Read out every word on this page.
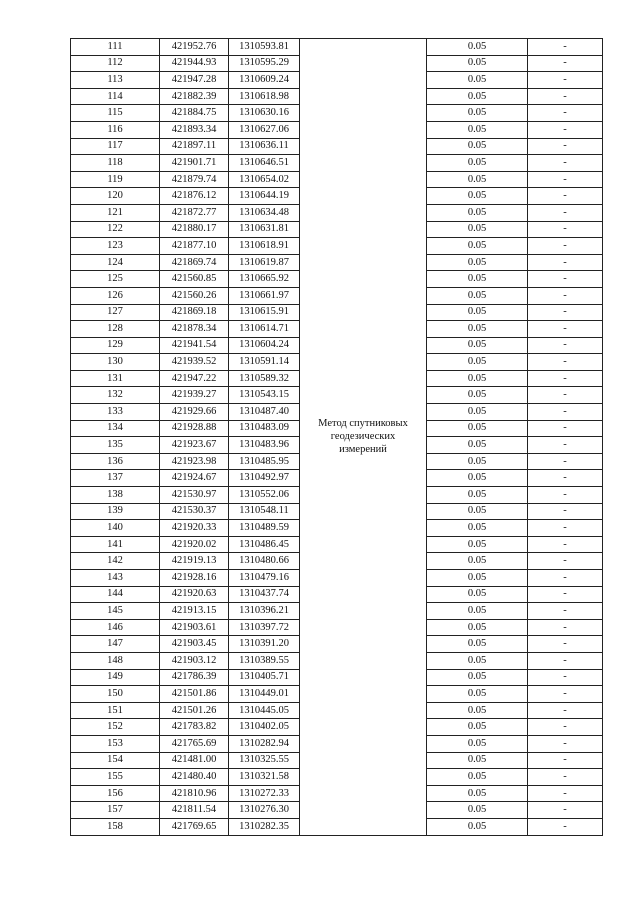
111	421952.76	1310593.81	Метод спутниковых геодезических измерений	0.05	-
112	421944.93	1310595.29		0.05	-
113	421947.28	1310609.24		0.05	-
114	421882.39	1310618.98		0.05	-
115	421884.75	1310630.16		0.05	-
116	421893.34	1310627.06		0.05	-
117	421897.11	1310636.11		0.05	-
118	421901.71	1310646.51		0.05	-
119	421879.74	1310654.02		0.05	-
120	421876.12	1310644.19		0.05	-
121	421872.77	1310634.48		0.05	-
122	421880.17	1310631.81		0.05	-
123	421877.10	1310618.91		0.05	-
124	421869.74	1310619.87		0.05	-
125	421560.85	1310665.92		0.05	-
126	421560.26	1310661.97		0.05	-
127	421869.18	1310615.91		0.05	-
128	421878.34	1310614.71		0.05	-
129	421941.54	1310604.24		0.05	-
130	421939.52	1310591.14		0.05	-
131	421947.22	1310589.32		0.05	-
132	421939.27	1310543.15		0.05	-
133	421929.66	1310487.40		0.05	-
134	421928.88	1310483.09		0.05	-
135	421923.67	1310483.96		0.05	-
136	421923.98	1310485.95		0.05	-
137	421924.67	1310492.97		0.05	-
138	421530.97	1310552.06		0.05	-
139	421530.37	1310548.11		0.05	-
140	421920.33	1310489.59		0.05	-
141	421920.02	1310486.45		0.05	-
142	421919.13	1310480.66		0.05	-
143	421928.16	1310479.16		0.05	-
144	421920.63	1310437.74		0.05	-
145	421913.15	1310396.21		0.05	-
146	421903.61	1310397.72		0.05	-
147	421903.45	1310391.20		0.05	-
148	421903.12	1310389.55		0.05	-
149	421786.39	1310405.71		0.05	-
150	421501.86	1310449.01		0.05	-
151	421501.26	1310445.05		0.05	-
152	421783.82	1310402.05		0.05	-
153	421765.69	1310282.94		0.05	-
154	421481.00	1310325.55		0.05	-
155	421480.40	1310321.58		0.05	-
156	421810.96	1310272.33		0.05	-
157	421811.54	1310276.30		0.05	-
158	421769.65	1310282.35		0.05	-
